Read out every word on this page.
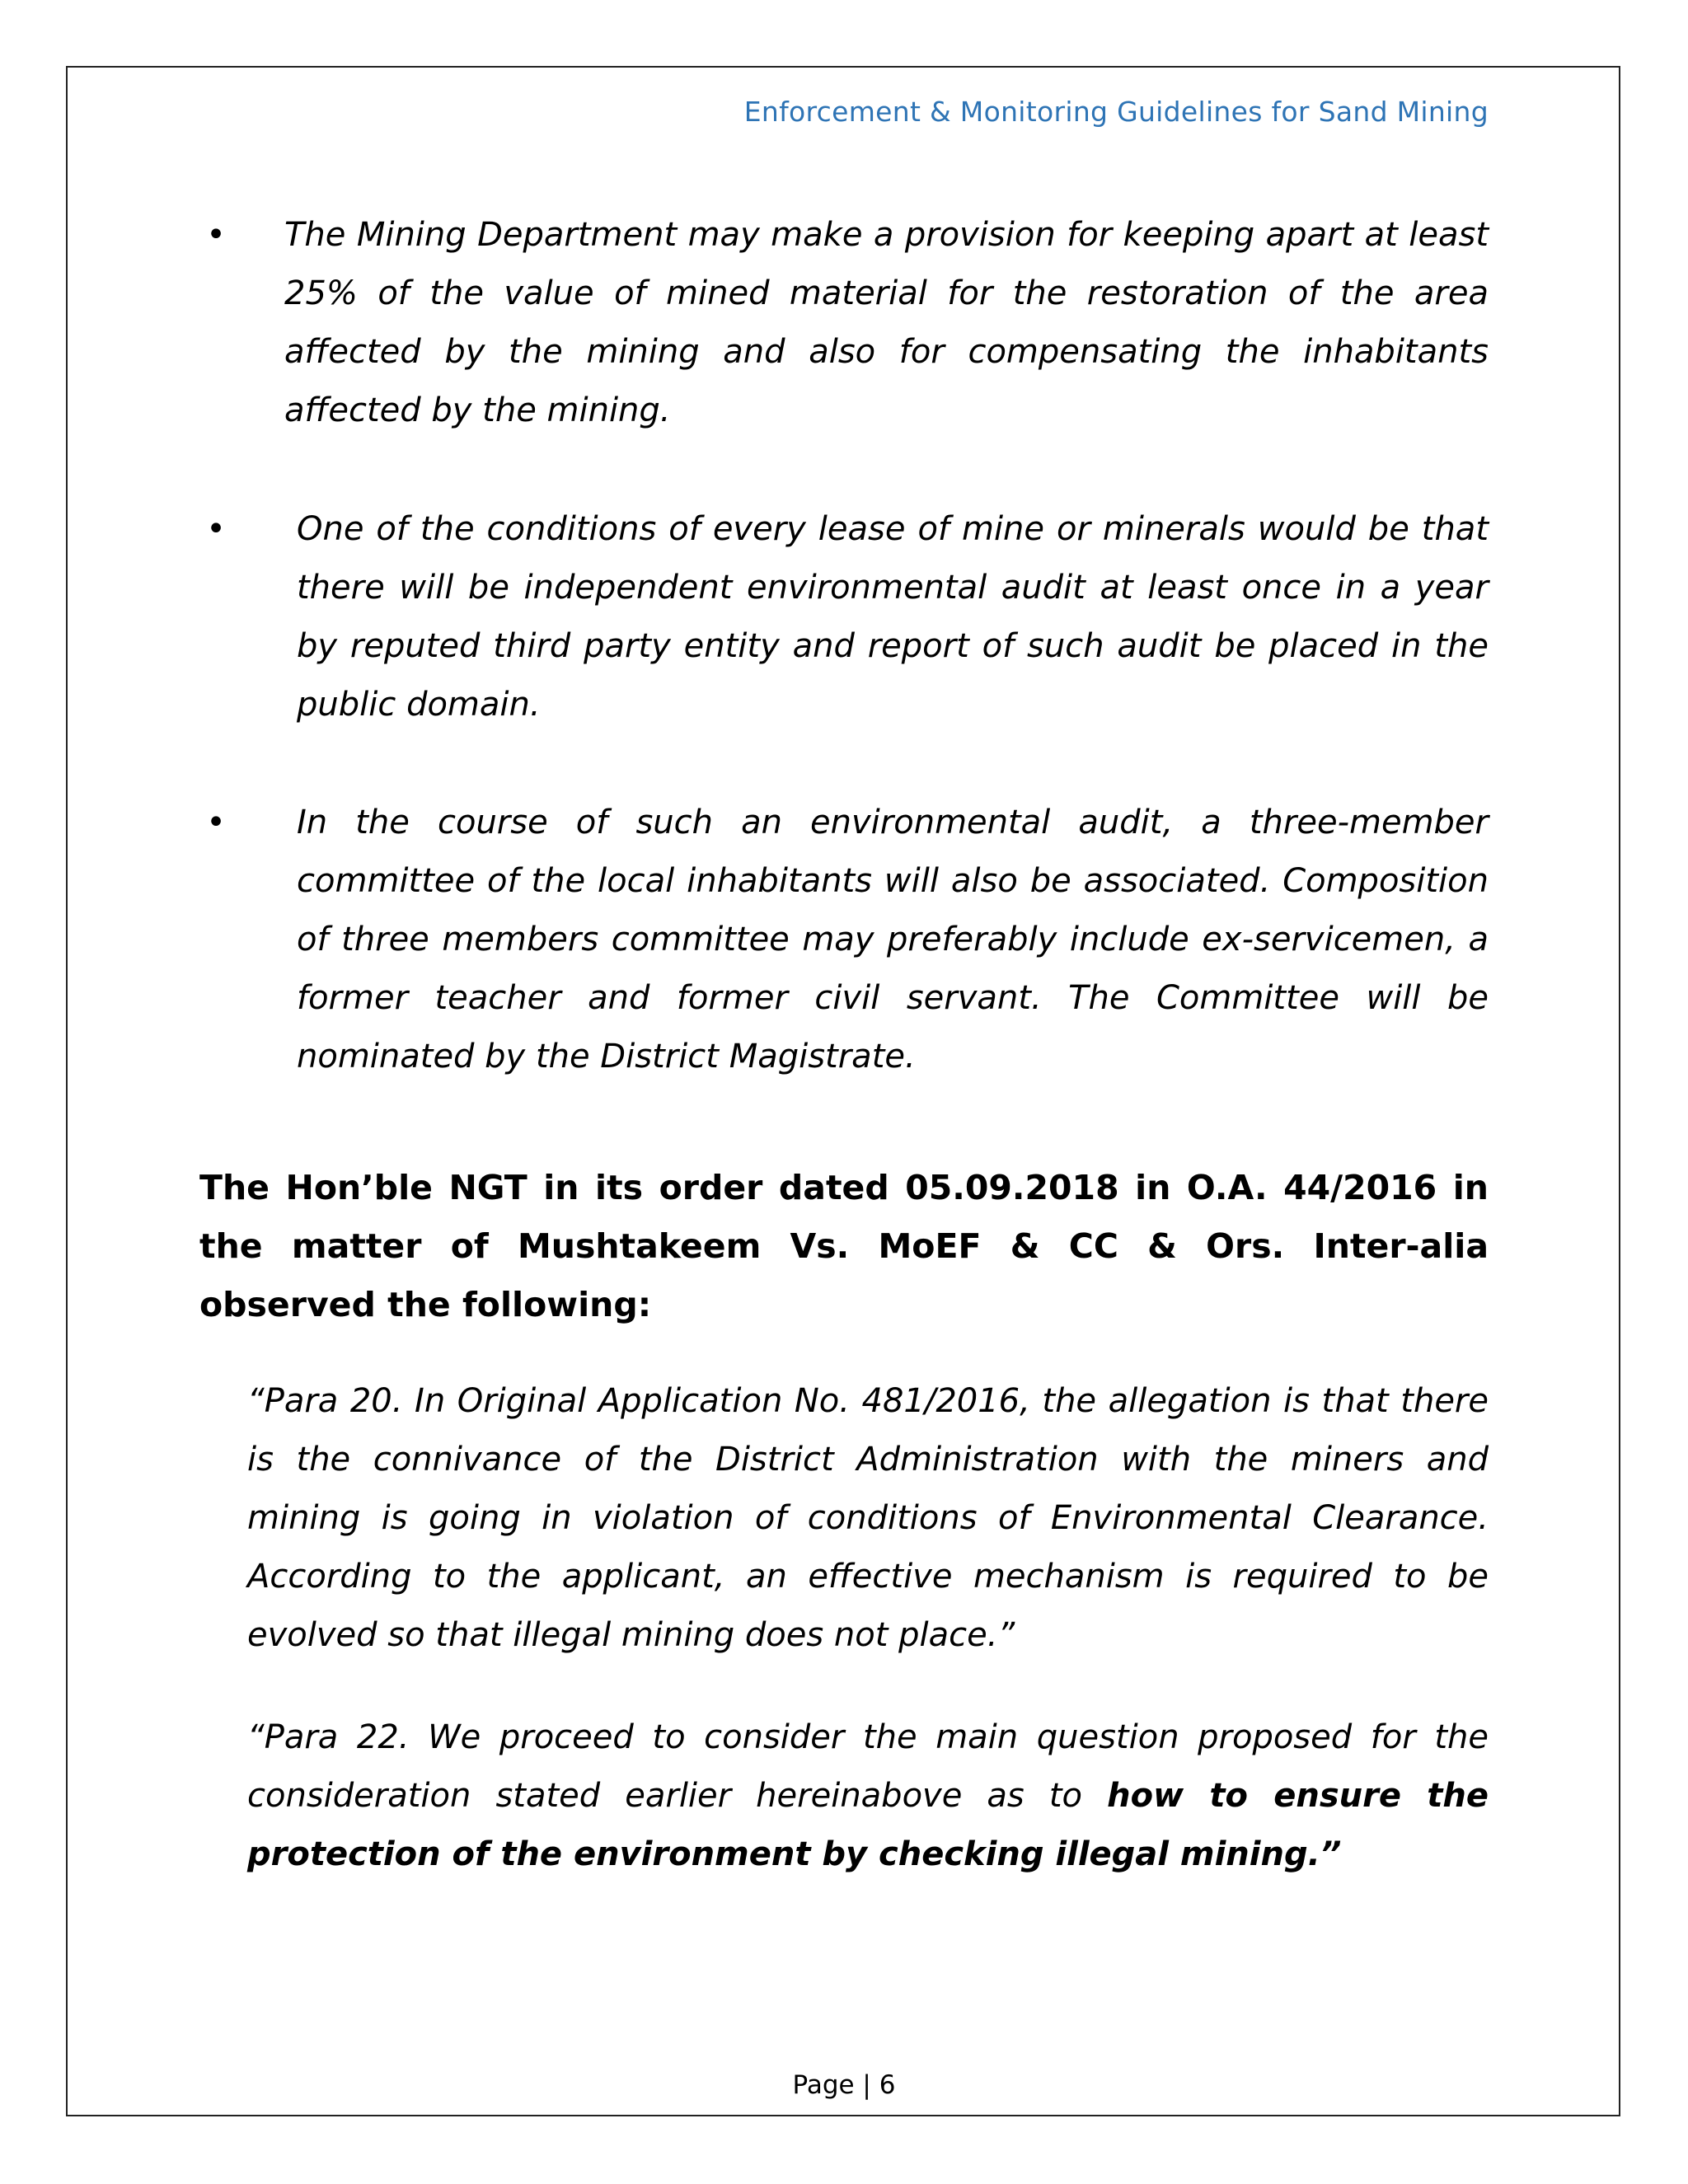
Enforcement & Monitoring Guidelines for Sand Mining
• The Mining Department may make a provision for keeping apart at least 25% of the value of mined material for the restoration of the area affected by the mining and also for compensating the inhabitants affected by the mining.
• One of the conditions of every lease of mine or minerals would be that there will be independent environmental audit at least once in a year by reputed third party entity and report of such audit be placed in the public domain.
• In the course of such an environmental audit, a three-member committee of the local inhabitants will also be associated. Composition of three members committee may preferably include ex-servicemen, a former teacher and former civil servant. The Committee will be nominated by the District Magistrate.

The Hon’ble NGT in its order dated 05.09.2018 in O.A. 44/2016 in the matter of Mushtakeem Vs. MoEF & CC & Ors. Inter-alia observed the following:

“Para 20. In Original Application No. 481/2016, the allegation is that there is the connivance of the District Administration with the miners and mining is going in violation of conditions of Environmental Clearance. According to the applicant, an effective mechanism is required to be evolved so that illegal mining does not place.”

“Para 22. We proceed to consider the main question proposed for the consideration stated earlier hereinabove as to how to ensure the protection of the environment by checking illegal mining.”

Page | 6
